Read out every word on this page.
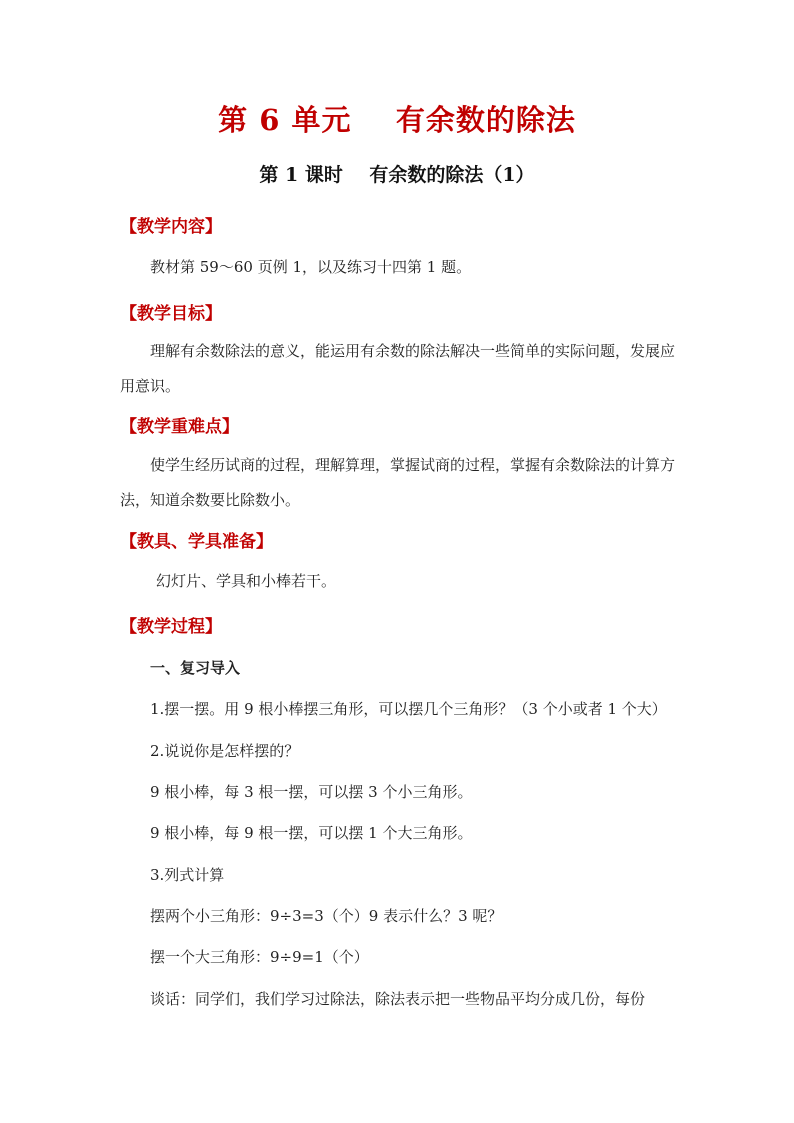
第 6 单元    有余数的除法
第 1 课时    有余数的除法（1）
【教学内容】
教材第 59～60 页例 1，以及练习十四第 1 题。
【教学目标】
理解有余数除法的意义，能运用有余数的除法解决一些简单的实际问题，发展应用意识。
【教学重难点】
使学生经历试商的过程，理解算理，掌握试商的过程，掌握有余数除法的计算方法，知道余数要比除数小。
【教具、学具准备】
幻灯片、学具和小棒若干。
【教学过程】
一、复习导入
1.摆一摆。用 9 根小棒摆三角形，可以摆几个三角形？（3 个小或者 1 个大）
2.说说你是怎样摆的？
9 根小棒，每 3 根一摆，可以摆 3 个小三角形。
9 根小棒，每 9 根一摆，可以摆 1 个大三角形。
3.列式计算
摆两个小三角形：9÷3=3（个）9 表示什么？3 呢？
摆一个大三角形：9÷9=1（个）
谈话：同学们，我们学习过除法，除法表示把一些物品平均分成几份，每份
